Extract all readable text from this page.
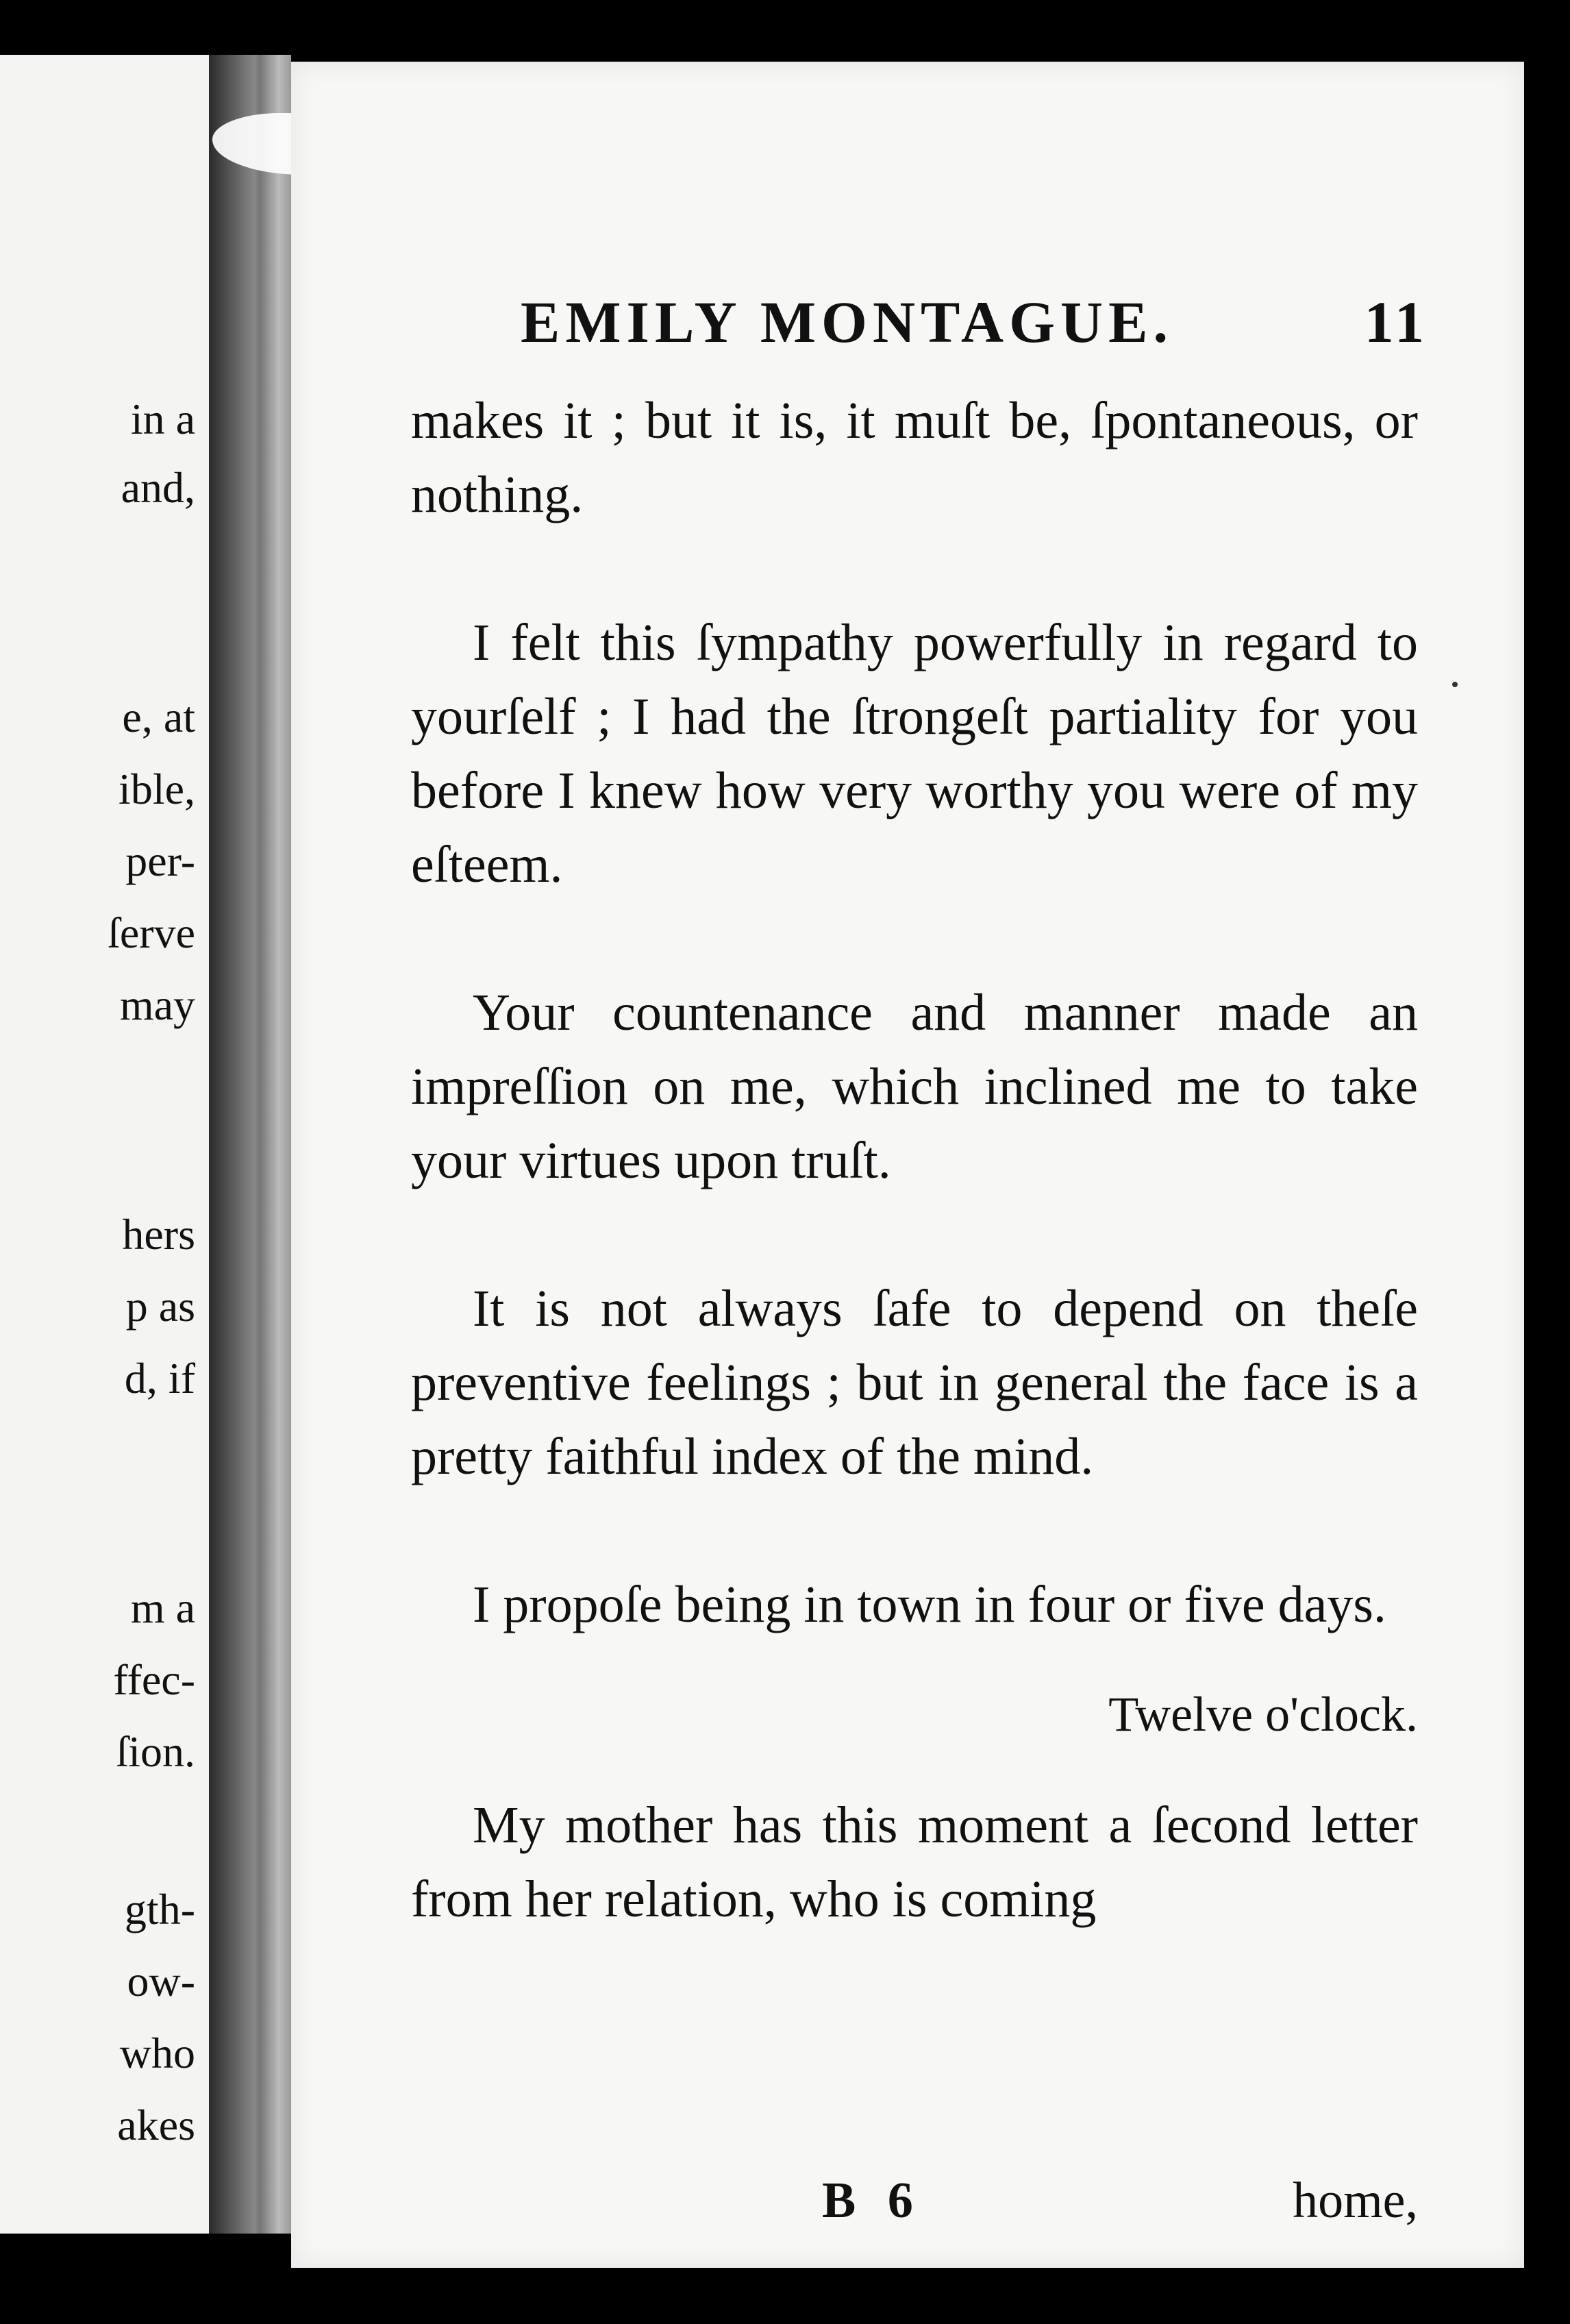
in a
and,
e, at
ible,
per-
ſerve
may
hers
p as
d, if
m a
ffec-
ſion.
gth-
ow-
who
akes
EMILY MONTAGUE.	11

makes it ; but it is, it muſt be, ſpontaneous, or nothing.

I felt this ſympathy powerfully in regard to yourſelf ; I had the ſtrongeſt partiality for you before I knew how very worthy you were of my eſteem.

Your countenance and manner made an impreſſion on me, which inclined me to take your virtues upon truſt.

It is not always ſafe to depend on theſe preventive feelings ; but in general the face is a pretty faithful index of the mind.

I propoſe being in town in four or five days.

Twelve o'clock.

My mother has this moment a ſecond letter from her relation, who is coming

B 6	home,
